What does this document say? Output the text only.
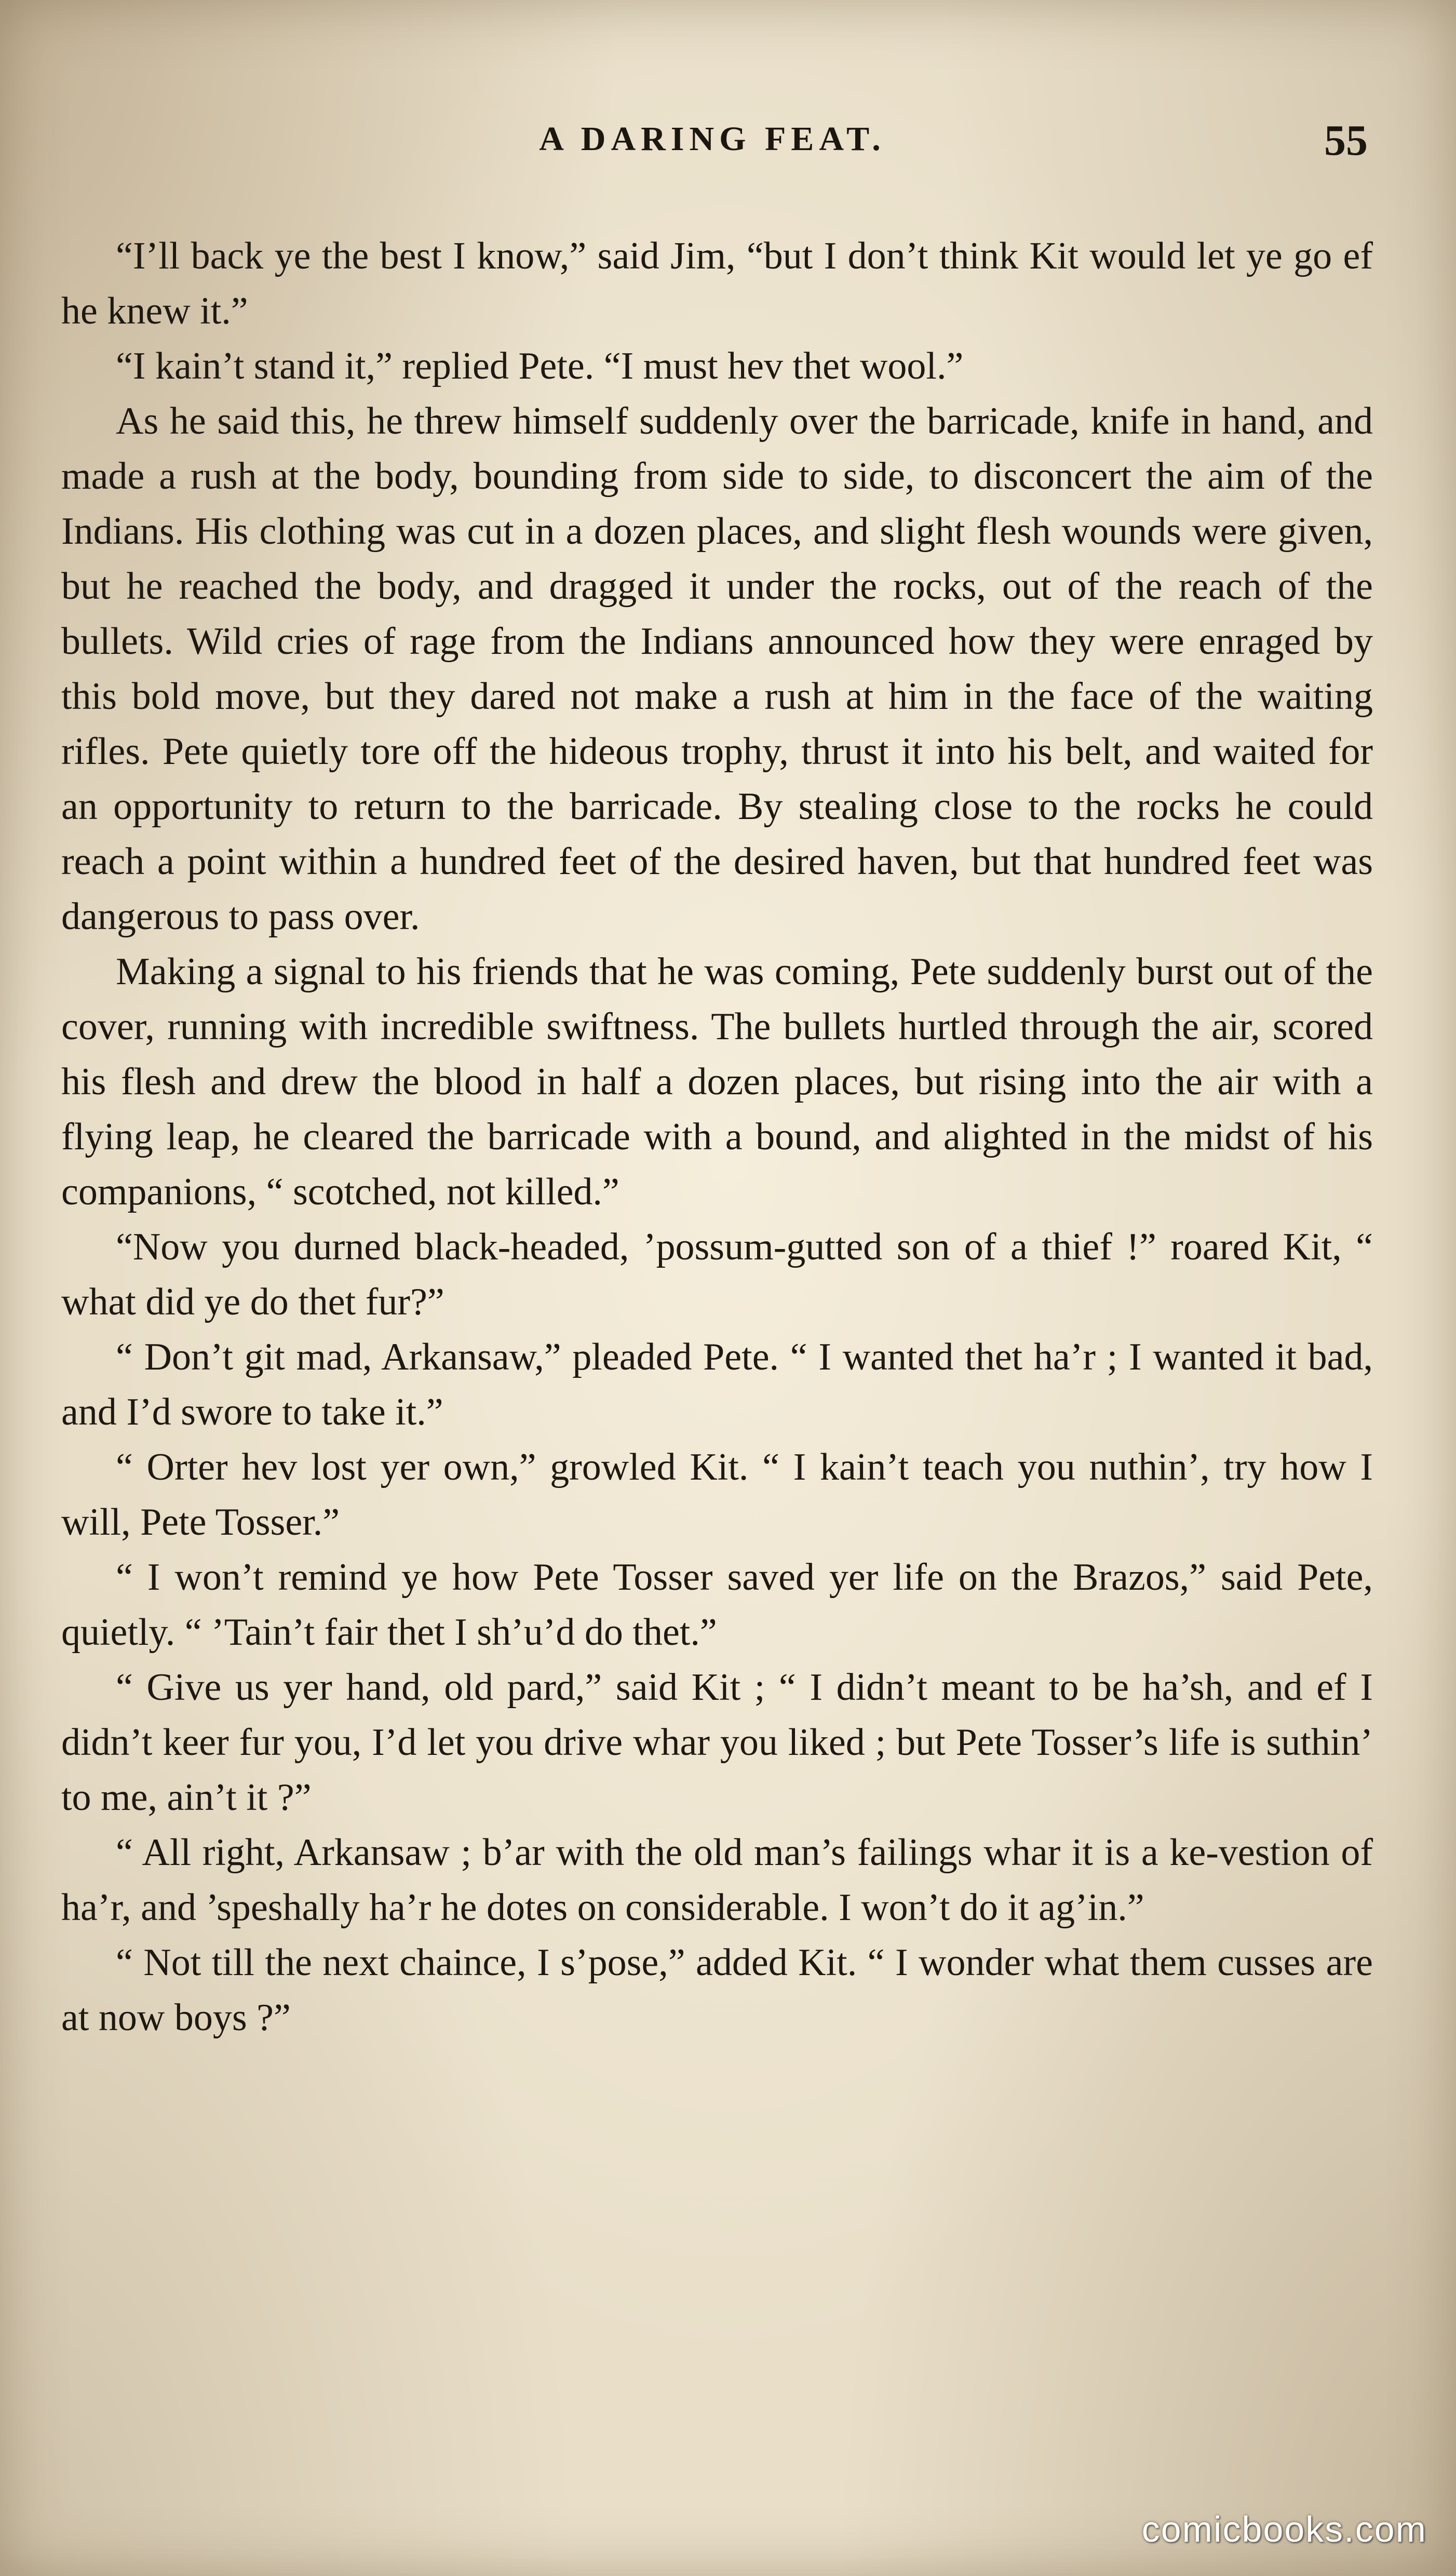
A DARING FEAT.	55

“I’ll back ye the best I know,” said Jim, “but I don’t think Kit would let ye go ef he knew it.”

“I kain’t stand it,” replied Pete. “I must hev thet wool.”

As he said this, he threw himself suddenly over the barricade, knife in hand, and made a rush at the body, bounding from side to side, to disconcert the aim of the Indians. His clothing was cut in a dozen places, and slight flesh wounds were given, but he reached the body, and dragged it under the rocks, out of the reach of the bullets. Wild cries of rage from the Indians announced how they were enraged by this bold move, but they dared not make a rush at him in the face of the waiting rifles. Pete quietly tore off the hideous trophy, thrust it into his belt, and waited for an opportunity to return to the barricade. By stealing close to the rocks he could reach a point within a hundred feet of the desired haven, but that hundred feet was dangerous to pass over.

Making a signal to his friends that he was coming, Pete suddenly burst out of the cover, running with incredible swiftness. The bullets hurtled through the air, scored his flesh and drew the blood in half a dozen places, but rising into the air with a flying leap, he cleared the barricade with a bound, and alighted in the midst of his companions, “ scotched, not killed.”

“Now you durned black-headed, ’possum-gutted son of a thief !” roared Kit, “ what did ye do thet fur?”

“ Don’t git mad, Arkansaw,” pleaded Pete. “ I wanted thet ha’r ; I wanted it bad, and I’d swore to take it.”

“ Orter hev lost yer own,” growled Kit. “ I kain’t teach you nuthin’, try how I will, Pete Tosser.”

“ I won’t remind ye how Pete Tosser saved yer life on the Brazos,” said Pete, quietly. “ ’Tain’t fair thet I sh’u’d do thet.”

“ Give us yer hand, old pard,” said Kit ; “ I didn’t meant to be ha’sh, and ef I didn’t keer fur you, I’d let you drive whar you liked ; but Pete Tosser’s life is suthin’ to me, ain’t it ?”

“ All right, Arkansaw ; b’ar with the old man’s failings whar it is a ke-vestion of ha’r, and ’speshally ha’r he dotes on considerable. I won’t do it ag’in.”

“ Not till the next chaince, I s’pose,” added Kit. “ I wonder what them cusses are at now boys ?”

comicbooks.com
